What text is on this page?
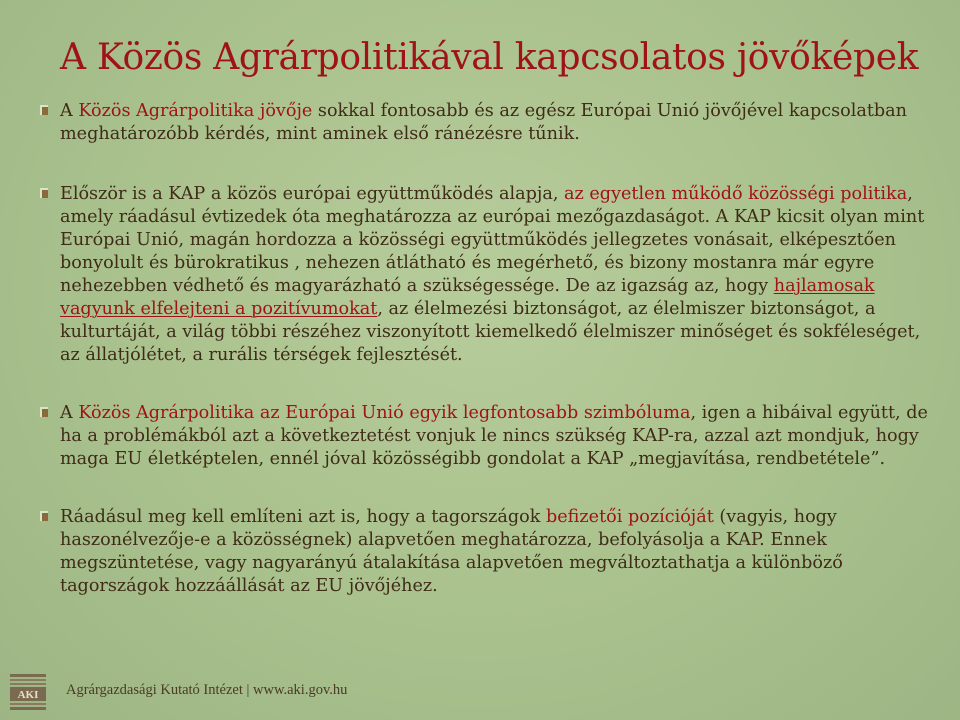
A Közös Agrárpolitikával kapcsolatos jövőképek

A Közös Agrárpolitika jövője sokkal fontosabb és az egész Európai Unió jövőjével kapcsolatban meghatározóbb kérdés, mint aminek első ránézésre tűnik.

Először is a KAP a közös európai együttműködés alapja, az egyetlen működő közösségi politika, amely ráadásul évtizedek óta meghatározza az európai mezőgazdaságot. A KAP kicsit olyan mint Európai Unió, magán hordozza a közösségi együttműködés jellegzetes vonásait, elképesztően bonyolult és bürokratikus , nehezen átlátható és megérhető, és bizony mostanra már egyre nehezebben védhető és magyarázható a szükségessége. De az igazság az, hogy hajlamosak vagyunk elfelejteni a pozitívumokat, az élelmezési biztonságot, az élelmiszer biztonságot, a kulturtáját, a világ többi részéhez viszonyított kiemelkedő élelmiszer minőséget és sokféleséget, az állatjólétet, a rurális térségek fejlesztését.

A Közös Agrárpolitika az Európai Unió egyik legfontosabb szimbóluma, igen a hibáival együtt, de ha a problémákból azt a következtetést vonjuk le nincs szükség KAP-ra, azzal azt mondjuk, hogy maga EU életképtelen, ennél jóval közösségibb gondolat a KAP „megjavítása, rendbetétele”.

Ráadásul meg kell említeni azt is, hogy a tagországok befizetői pozícióját (vagyis, hogy haszonélvezője-e a közösségnek) alapvetően meghatározza, befolyásolja a KAP. Ennek megszüntetése, vagy nagyarányú átalakítása alapvetően megváltoztathatja a különböző tagországok hozzáállását az EU jövőjéhez.

AKI Agrárgazdasági Kutató Intézet | www.aki.gov.hu
